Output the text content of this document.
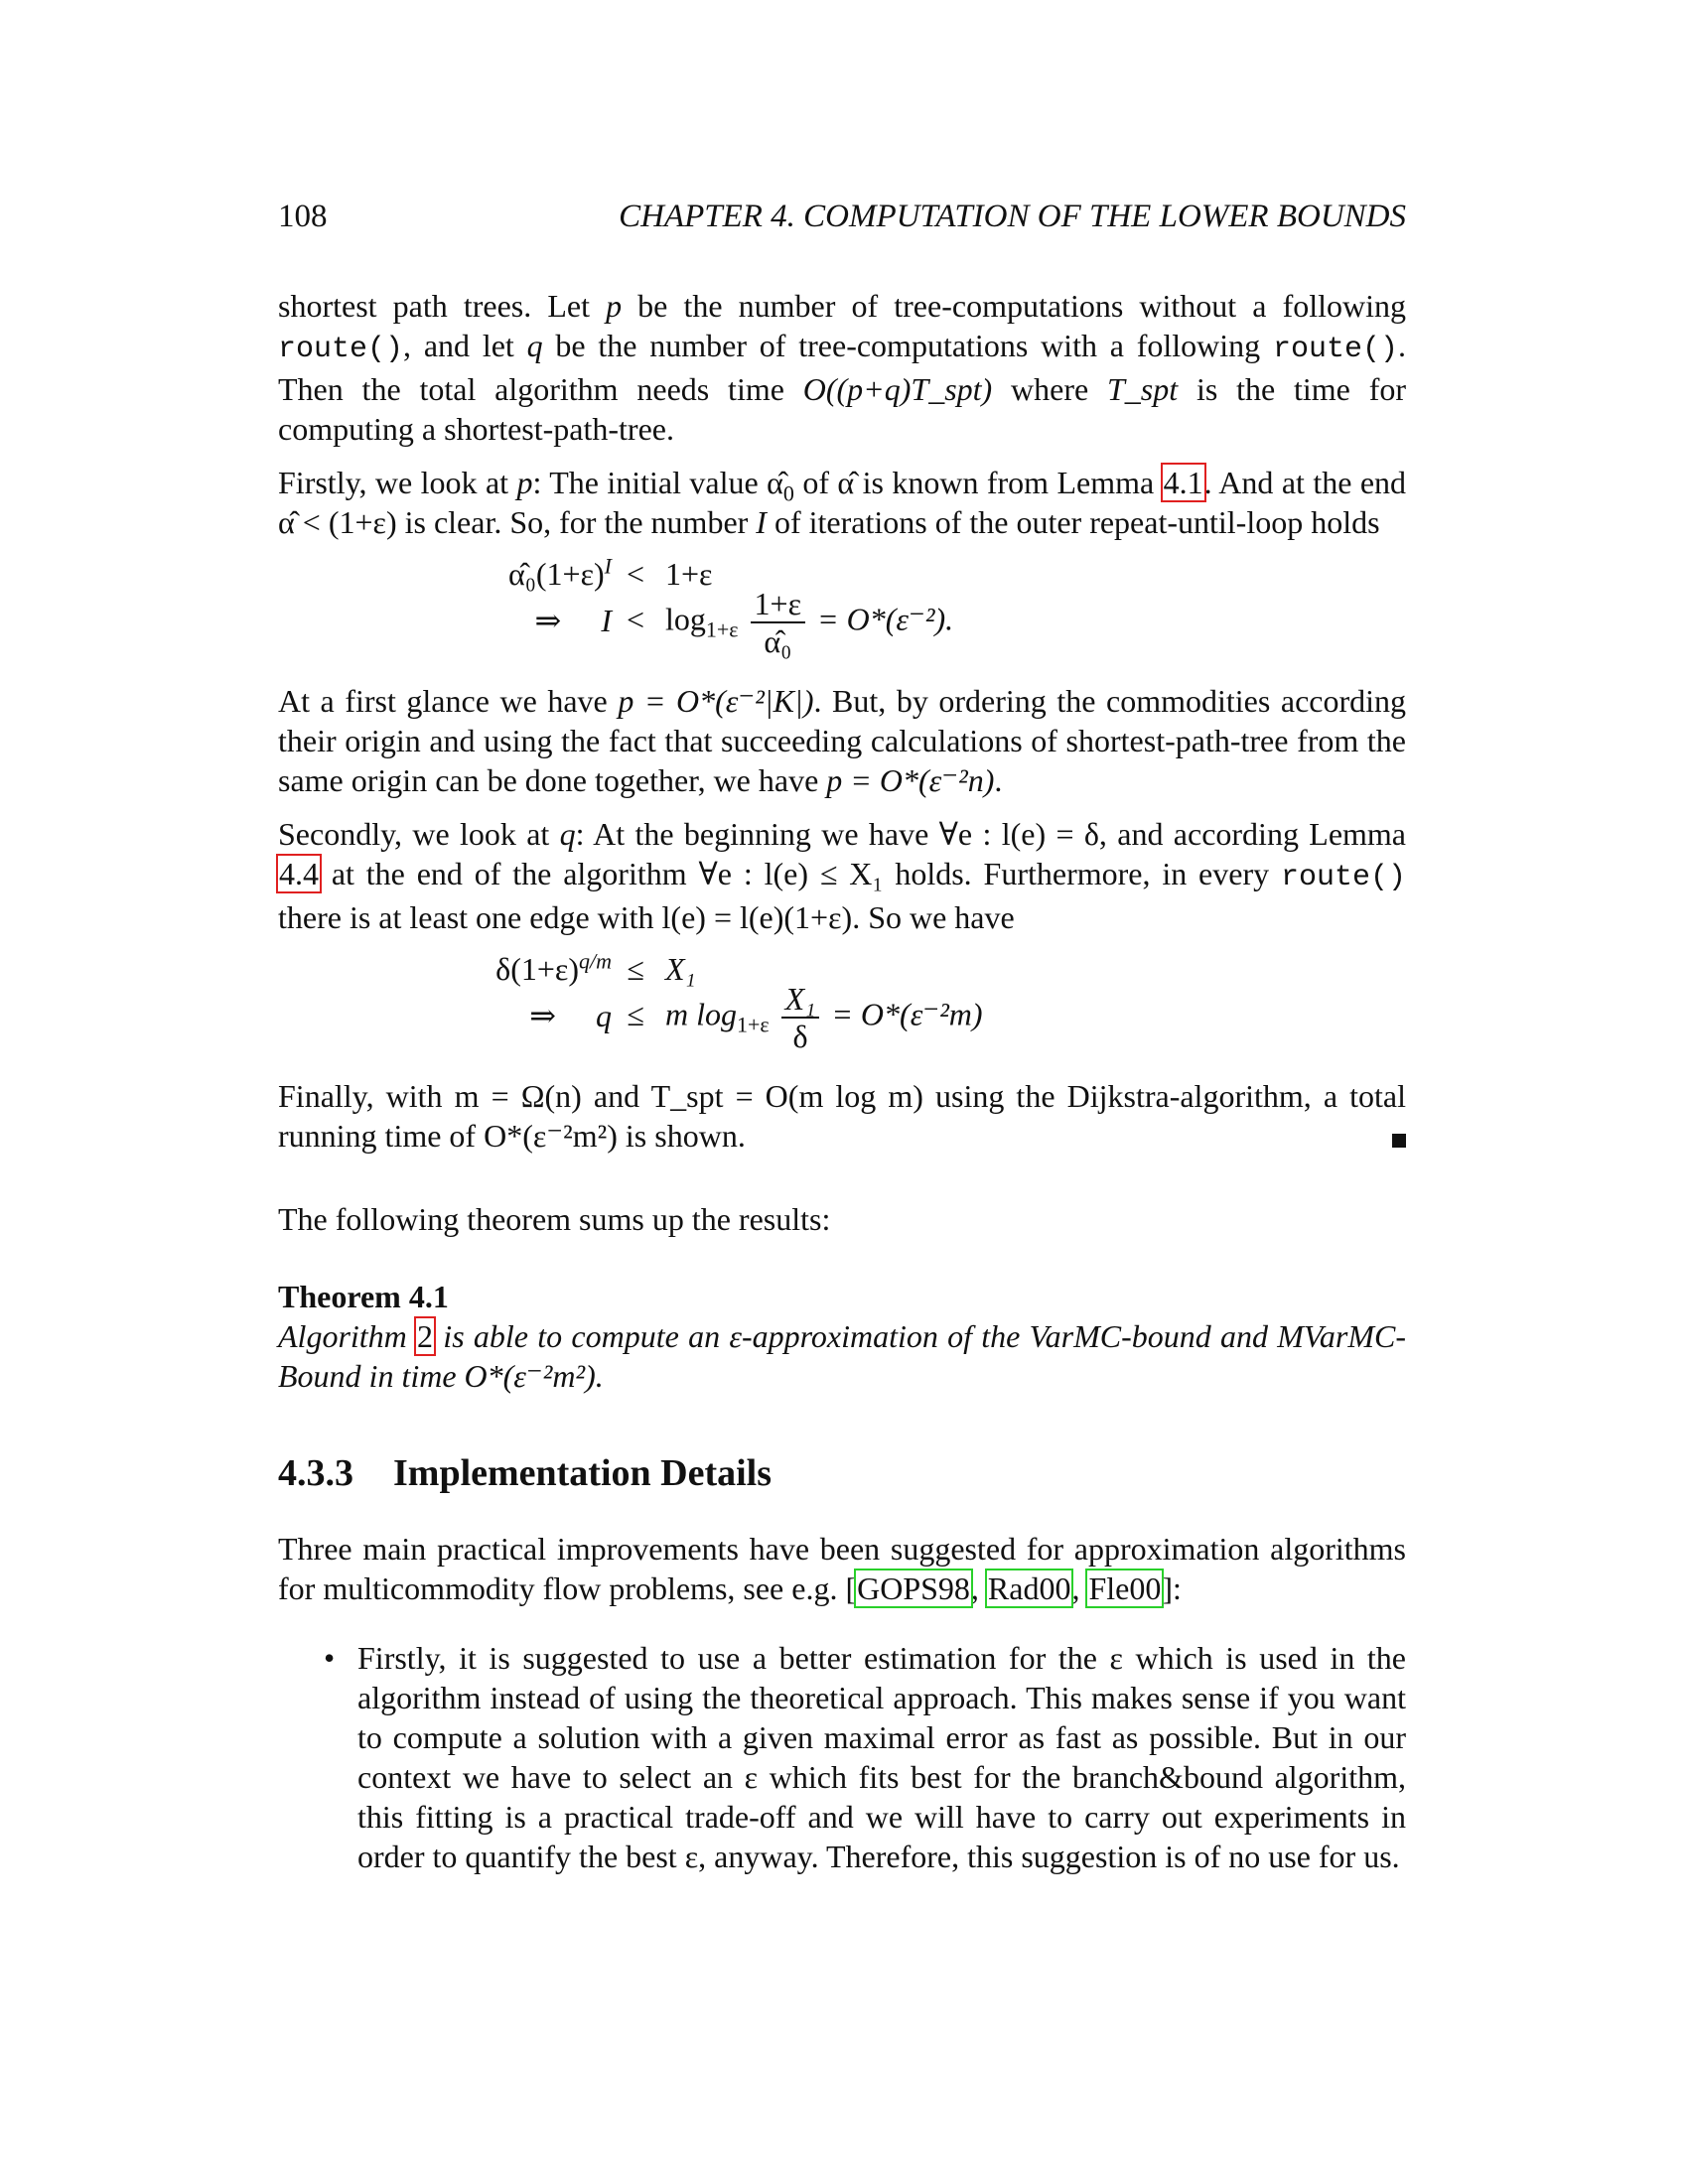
108	CHAPTER 4. COMPUTATION OF THE LOWER BOUNDS

shortest path trees. Let p be the number of tree-computations without a following route(), and let q be the number of tree-computations with a following route(). Then the total algorithm needs time O((p+q)T_spt) where T_spt is the time for computing a shortest-path-tree.

Firstly, we look at p: The initial value $\alphâ_0$ of α̂ is known from Lemma 4.1. And at the end α̂ < (1+ε) is clear. So, for the number I of iterations of the outer repeat-until-loop holds

$\alphâ_0(1+\varepsilon)^I < 1+\varepsilon$
⇒     $I < \log_{1+\varepsilon} \frac{1+\varepsilon}{\text{α̂₀}} = O*(\varepsilon^{-2})$.

At a first glance we have p = O*(ε⁻²|K|). But, by ordering the commodities according their origin and using the fact that succeeding calculations of shortest-path-tree from the same origin can be done together, we have p = O*(ε⁻²n).

Secondly, we look at q: At the beginning we have ∀e : l(e) = δ, and according Lemma 4.4 at the end of the algorithm ∀e : l(e) ≤ X₁ holds. Furthermore, in every route() there is at least one edge with l(e) = l(e)(1+ε). So we have

$\delta(1+\varepsilon)^{q/m} \le X_1$
⇒     q ≤ m $\log_{1+\varepsilon} \frac{\text{X₁}}{\delta} = O*(\varepsilon^{-2}m)$

Finally, with m = Ω(n) and T_spt = O(m log m) using the Dijkstra-algorithm, a total running time of O*(ε⁻²m²) is shown.

The following theorem sums up the results:

Theorem 4.1

Algorithm 2 is able to compute an ε-approximation of the VarMC-bound and MVarMC-Bound in time O*(ε⁻²m²).

4.3.3 Implementation Details

Three main practical improvements have been suggested for approximation algorithms for multicommodity flow problems, see e.g. [GOPS98, Rad00, Fle00]:

• Firstly, it is suggested to use a better estimation for the ε which is used in the algorithm instead of using the theoretical approach. This makes sense if you want to compute a solution with a given maximal error as fast as possible. But in our context we have to select an ε which fits best for the branch&bound algorithm, this fitting is a practical trade-off and we will have to carry out experiments in order to quantify the best ε, anyway. Therefore, this suggestion is of no use for us.
